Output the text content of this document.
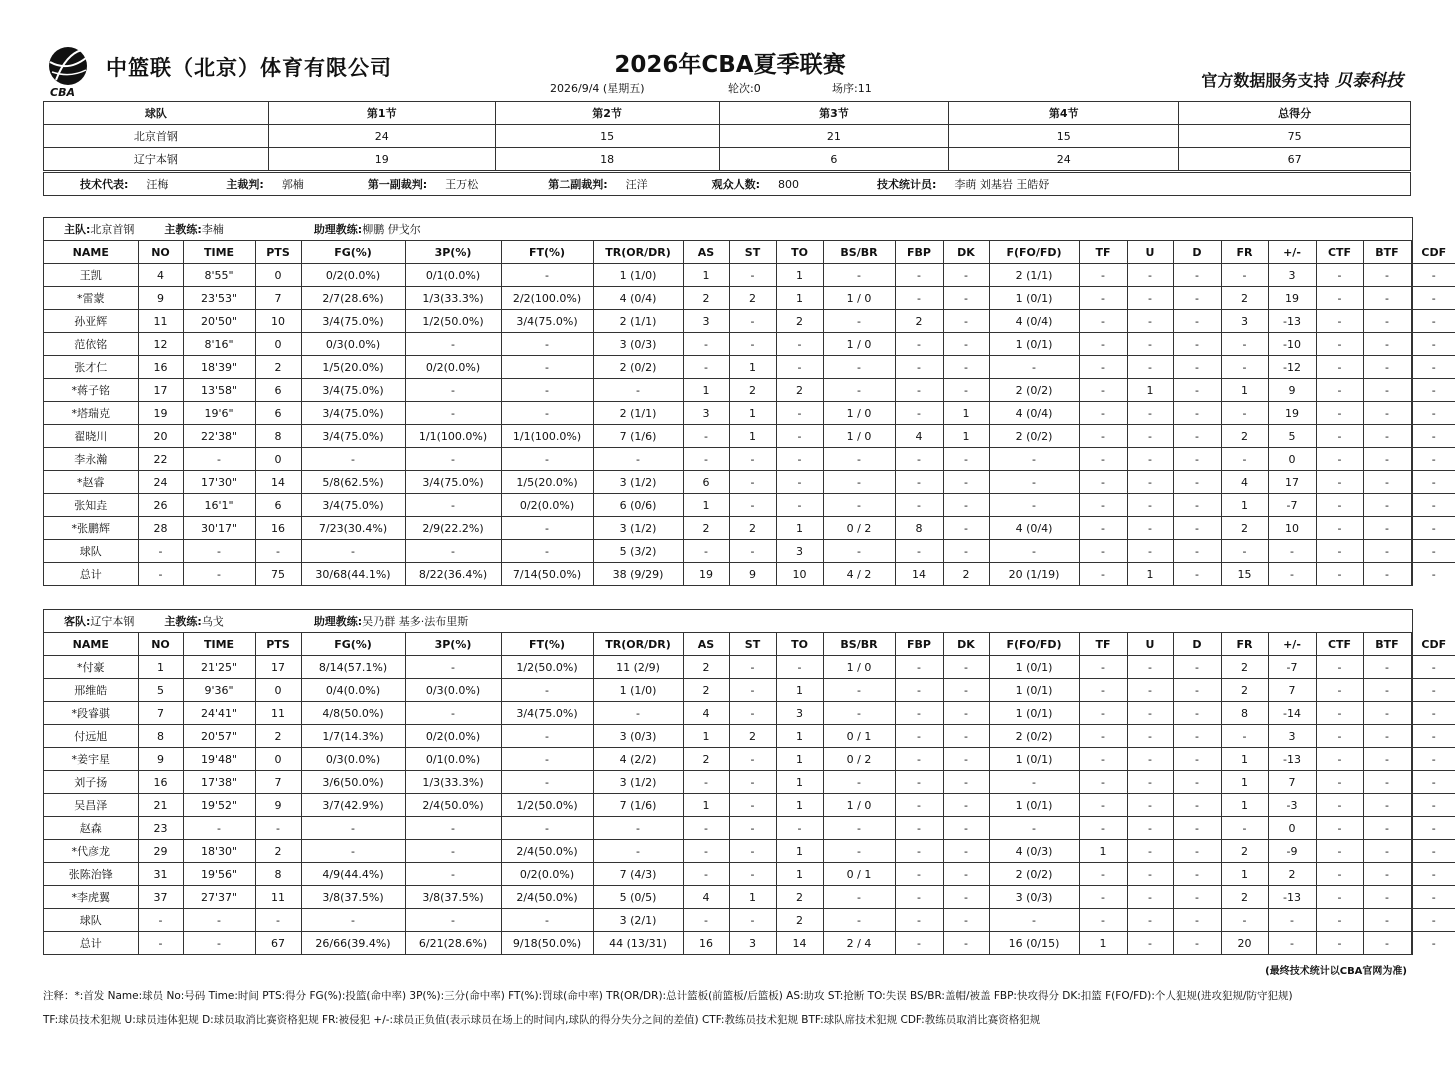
CBA
中篮联（北京）体育有限公司	2026年CBA夏季联赛
2026/9/4 (星期五)	轮次:0	场序:11	官方数据服务支持 贝泰科技
球队	第1节	第2节	第3节	第4节	总得分
北京首钢	24	15	21	15	75
辽宁本钢	19	18	6	24	67
技术代表: 汪梅	主裁判: 郭楠	第一副裁判: 王万松	第二副裁判: 汪洋	观众人数: 800	技术统计员: 李萌 刘基岩 王皓妤
主队:北京首钢	主教练:李楠	助理教练:柳鹏 伊戈尔
NAME	NO	TIME	PTS	FG(%)	3P(%)	FT(%)	TR(OR/DR)	AS	ST	TO	BS/BR	FBP	DK	F(FO/FD)	TF	U	D	FR	+/-	CTF	BTF	CDF
王凯	4	8'55"	0	0/2(0.0%)	0/1(0.0%)	-	1 (1/0)	1	-	1	-	-	-	2 (1/1)	-	-	-	-	3	-	-	-
*雷蒙	9	23'53"	7	2/7(28.6%)	1/3(33.3%)	2/2(100.0%)	4 (0/4)	2	2	1	1 / 0	-	-	1 (0/1)	-	-	-	2	19	-	-	-
孙亚辉	11	20'50"	10	3/4(75.0%)	1/2(50.0%)	3/4(75.0%)	2 (1/1)	3	-	2	-	2	-	4 (0/4)	-	-	-	3	-13	-	-	-
范依铭	12	8'16"	0	0/3(0.0%)	-	-	3 (0/3)	-	-	-	1 / 0	-	-	1 (0/1)	-	-	-	-	-10	-	-	-
张才仁	16	18'39"	2	1/5(20.0%)	0/2(0.0%)	-	2 (0/2)	-	1	-	-	-	-	-	-	-	-	-	-12	-	-	-
*蒋子铭	17	13'58"	6	3/4(75.0%)	-	-	-	1	2	2	-	-	-	2 (0/2)	-	1	-	1	9	-	-	-
*塔瑞克	19	19'6"	6	3/4(75.0%)	-	-	2 (1/1)	3	1	-	1 / 0	-	1	4 (0/4)	-	-	-	-	19	-	-	-
翟晓川	20	22'38"	8	3/4(75.0%)	1/1(100.0%)	1/1(100.0%)	7 (1/6)	-	1	-	1 / 0	4	1	2 (0/2)	-	-	-	2	5	-	-	-
李永瀚	22	-	0	-	-	-	-	-	-	-	-	-	-	-	-	-	-	-	0	-	-	-
*赵睿	24	17'30"	14	5/8(62.5%)	3/4(75.0%)	1/5(20.0%)	3 (1/2)	6	-	-	-	-	-	-	-	-	-	4	17	-	-	-
张知垚	26	16'1"	6	3/4(75.0%)	-	0/2(0.0%)	6 (0/6)	1	-	-	-	-	-	-	-	-	-	1	-7	-	-	-
*张鹏辉	28	30'17"	16	7/23(30.4%)	2/9(22.2%)	-	3 (1/2)	2	2	1	0 / 2	8	-	4 (0/4)	-	-	-	2	10	-	-	-
球队	-	-	-	-	-	-	5 (3/2)	-	-	3	-	-	-	-	-	-	-	-	-	-	-	-
总计	-	-	75	30/68(44.1%)	8/22(36.4%)	7/14(50.0%)	38 (9/29)	19	9	10	4 / 2	14	2	20 (1/19)	-	1	-	15	-	-	-	-
客队:辽宁本钢	主教练:乌戈	助理教练:吴乃群 基多·法布里斯
NAME	NO	TIME	PTS	FG(%)	3P(%)	FT(%)	TR(OR/DR)	AS	ST	TO	BS/BR	FBP	DK	F(FO/FD)	TF	U	D	FR	+/-	CTF	BTF	CDF
*付豪	1	21'25"	17	8/14(57.1%)	-	1/2(50.0%)	11 (2/9)	2	-	-	1 / 0	-	-	1 (0/1)	-	-	-	2	-7	-	-	-
邢维皓	5	9'36"	0	0/4(0.0%)	0/3(0.0%)	-	1 (1/0)	2	-	1	-	-	-	1 (0/1)	-	-	-	2	7	-	-	-
*段睿骐	7	24'41"	11	4/8(50.0%)	-	3/4(75.0%)	-	4	-	3	-	-	-	1 (0/1)	-	-	-	8	-14	-	-	-
付远旭	8	20'57"	2	1/7(14.3%)	0/2(0.0%)	-	3 (0/3)	1	2	1	0 / 1	-	-	2 (0/2)	-	-	-	-	3	-	-	-
*姜宇星	9	19'48"	0	0/3(0.0%)	0/1(0.0%)	-	4 (2/2)	2	-	1	0 / 2	-	-	1 (0/1)	-	-	-	1	-13	-	-	-
刘子扬	16	17'38"	7	3/6(50.0%)	1/3(33.3%)	-	3 (1/2)	-	-	1	-	-	-	-	-	-	-	1	7	-	-	-
吴昌泽	21	19'52"	9	3/7(42.9%)	2/4(50.0%)	1/2(50.0%)	7 (1/6)	1	-	1	1 / 0	-	-	1 (0/1)	-	-	-	1	-3	-	-	-
赵森	23	-	-	-	-	-	-	-	-	-	-	-	-	-	-	-	-	-	0	-	-	-
*代彦龙	29	18'30"	2	-	-	2/4(50.0%)	-	-	-	1	-	-	-	4 (0/3)	1	-	-	2	-9	-	-	-
张陈治锋	31	19'56"	8	4/9(44.4%)	-	0/2(0.0%)	7 (4/3)	-	-	1	0 / 1	-	-	2 (0/2)	-	-	-	1	2	-	-	-
*李虎翼	37	27'37"	11	3/8(37.5%)	3/8(37.5%)	2/4(50.0%)	5 (0/5)	4	1	2	-	-	-	3 (0/3)	-	-	-	2	-13	-	-	-
球队	-	-	-	-	-	-	3 (2/1)	-	-	2	-	-	-	-	-	-	-	-	-	-	-	-
总计	-	-	67	26/66(39.4%)	6/21(28.6%)	9/18(50.0%)	44 (13/31)	16	3	14	2 / 4	-	-	16 (0/15)	1	-	-	20	-	-	-	-
(最终技术统计以CBA官网为准)
注释：*:首发 Name:球员 No:号码 Time:时间 PTS:得分 FG(%):投篮(命中率) 3P(%):三分(命中率) FT(%):罚球(命中率) TR(OR/DR):总计篮板(前篮板/后篮板) AS:助攻 ST:抢断 TO:失误 BS/BR:盖帽/被盖 FBP:快攻得分 DK:扣篮 F(FO/FD):个人犯规(进攻犯规/防守犯规)
TF:球员技术犯规 U:球员违体犯规 D:球员取消比赛资格犯规 FR:被侵犯 +/-:球员正负值(表示球员在场上的时间内,球队的得分失分之间的差值) CTF:教练员技术犯规 BTF:球队席技术犯规 CDF:教练员取消比赛资格犯规
